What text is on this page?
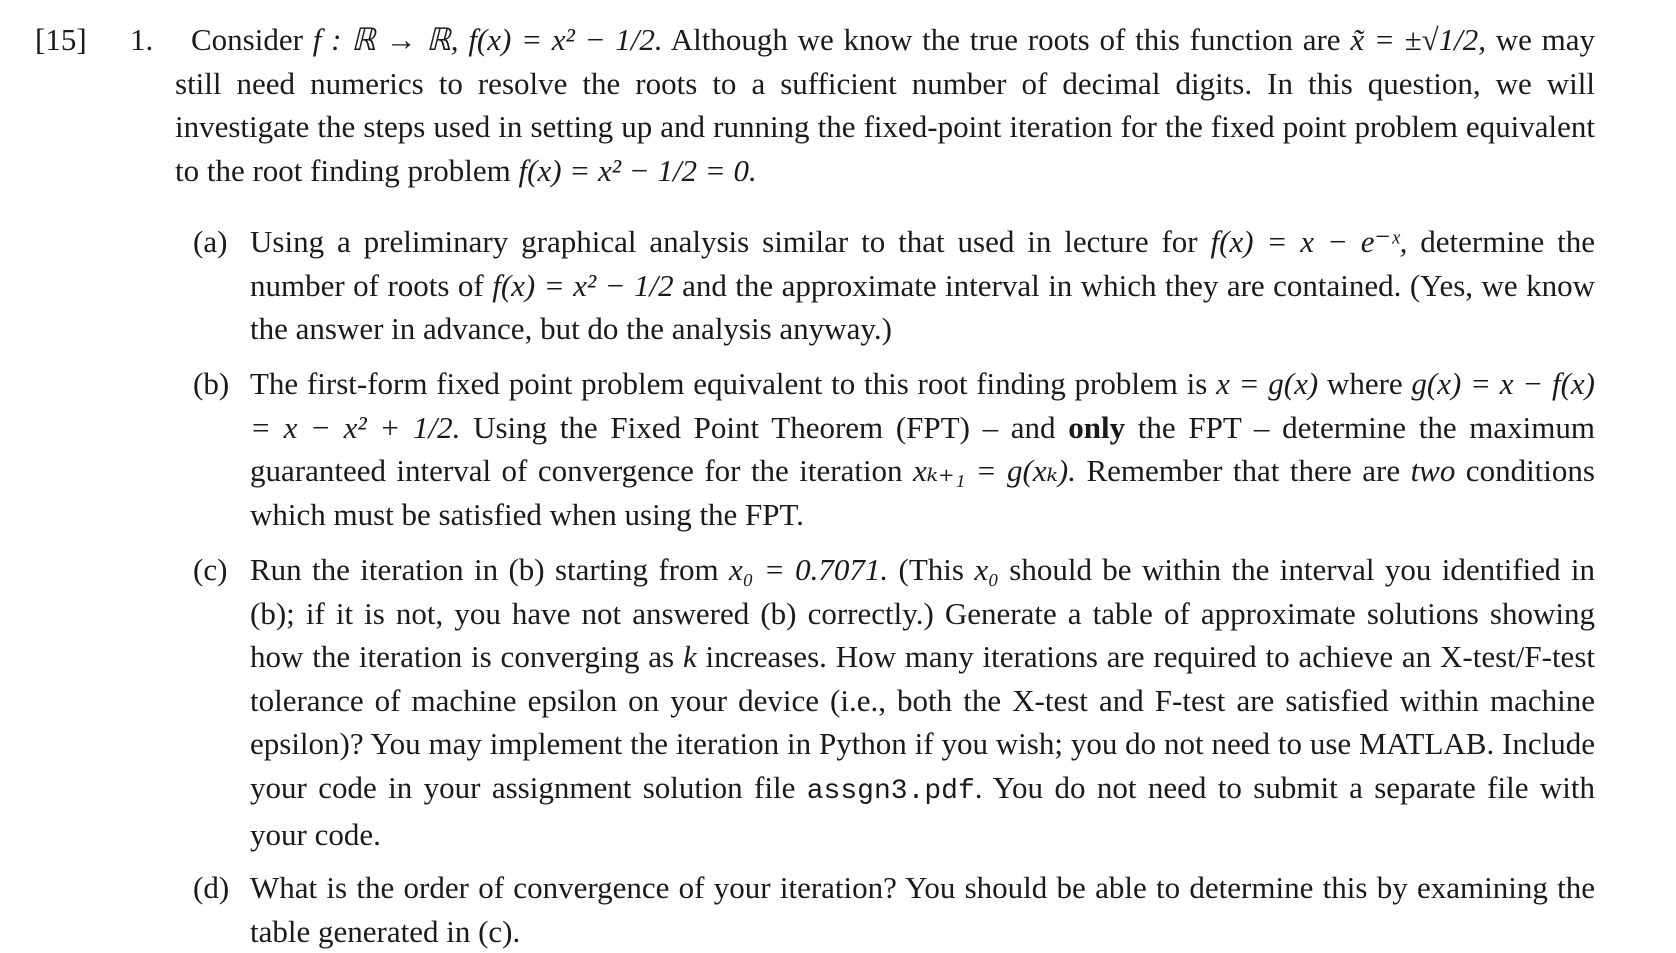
[15] 1.	Consider f : ℝ → ℝ, f(x) = x² − 1/2. Although we know the true roots of this function are x̃ = ±√1/2, we may still need numerics to resolve the roots to a sufficient number of decimal digits. In this question, we will investigate the steps used in setting up and running the fixed-point iteration for the fixed point problem equivalent to the root finding problem f(x) = x² − 1/2 = 0.
(a) Using a preliminary graphical analysis similar to that used in lecture for f(x) = x − e⁻ˣ, determine the number of roots of f(x) = x² − 1/2 and the approximate interval in which they are contained. (Yes, we know the answer in advance, but do the analysis anyway.)
(b) The first-form fixed point problem equivalent to this root finding problem is x = g(x) where g(x) = x − f(x) = x − x² + 1/2. Using the Fixed Point Theorem (FPT) – and only the FPT – determine the maximum guaranteed interval of convergence for the iteration xₖ₊₁ = g(xₖ). Remember that there are two conditions which must be satisfied when using the FPT.
(c) Run the iteration in (b) starting from x₀ = 0.7071. (This x₀ should be within the interval you identified in (b); if it is not, you have not answered (b) correctly.) Generate a table of approximate solutions showing how the iteration is converging as k increases. How many iterations are required to achieve an X-test/F-test tolerance of machine epsilon on your device (i.e., both the X-test and F-test are satisfied within machine epsilon)? You may implement the iteration in Python if you wish; you do not need to use MATLAB. Include your code in your assignment solution file assgn3.pdf. You do not need to submit a separate file with your code.
(d) What is the order of convergence of your iteration? You should be able to determine this by examining the table generated in (c).
